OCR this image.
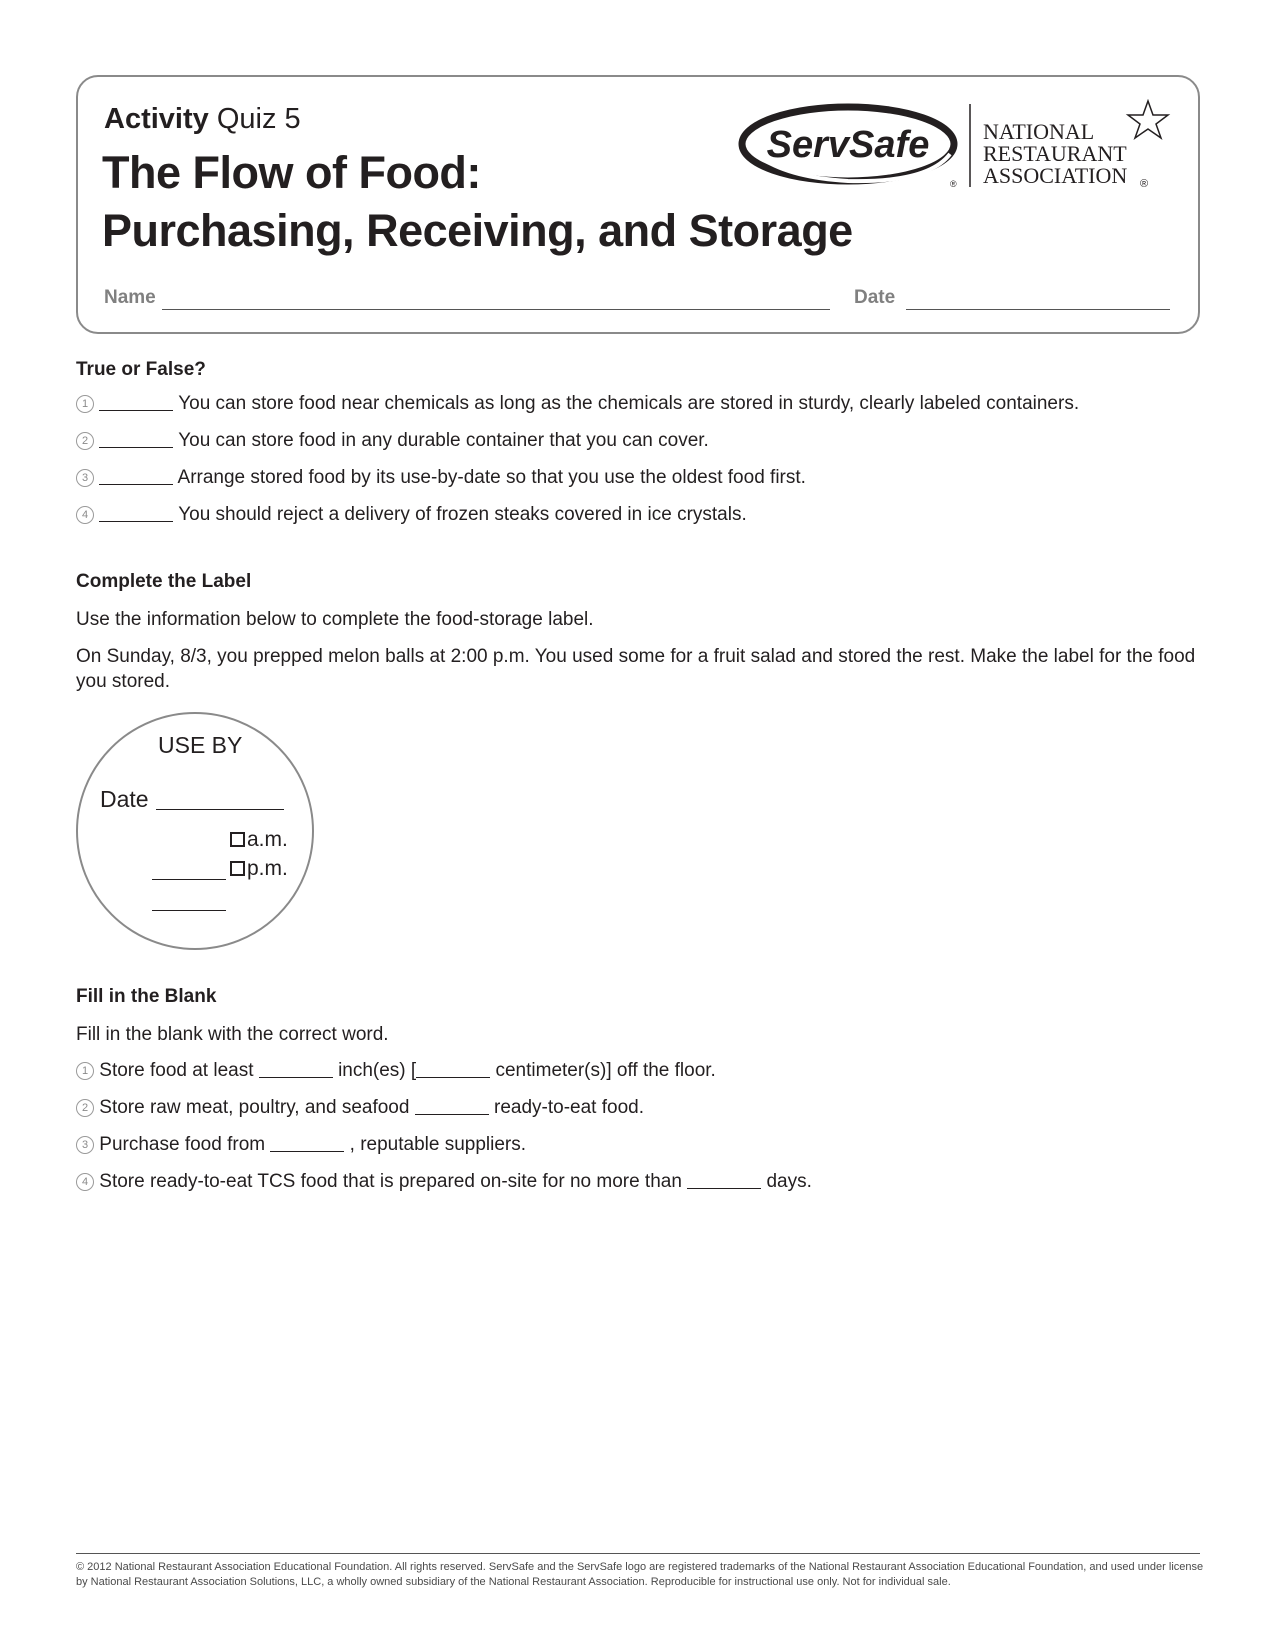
Activity Quiz 5
The Flow of Food:
Purchasing, Receiving, and Storage
ServSafe
®
NATIONAL
RESTAURANT
ASSOCIATION ®
Name	Date
True or False?
1	You can store food near chemicals as long as the chemicals are stored in sturdy, clearly labeled containers.
2	You can store food in any durable container that you can cover.
3	Arrange stored food by its use-by-date so that you use the oldest food first.
4	You should reject a delivery of frozen steaks covered in ice crystals.
Complete the Label
Use the information below to complete the food-storage label.
On Sunday, 8/3, you prepped melon balls at 2:00 p.m. You used some for a fruit salad and stored the rest. Make the label for the food you stored.
USE BY
Date
a.m.
p.m.
Fill in the Blank
Fill in the blank with the correct word.
1 Store food at least	inch(es) [	centimeter(s)] off the floor.
2 Store raw meat, poultry, and seafood	ready-to-eat food.
3 Purchase food from	, reputable suppliers.
4 Store ready-to-eat TCS food that is prepared on-site for no more than	days.
© 2012 National Restaurant Association Educational Foundation. All rights reserved. ServSafe and the ServSafe logo are registered trademarks of the National Restaurant Association Educational Foundation, and used under license by National Restaurant Association Solutions, LLC, a wholly owned subsidiary of the National Restaurant Association. Reproducible for instructional use only. Not for individual sale.
